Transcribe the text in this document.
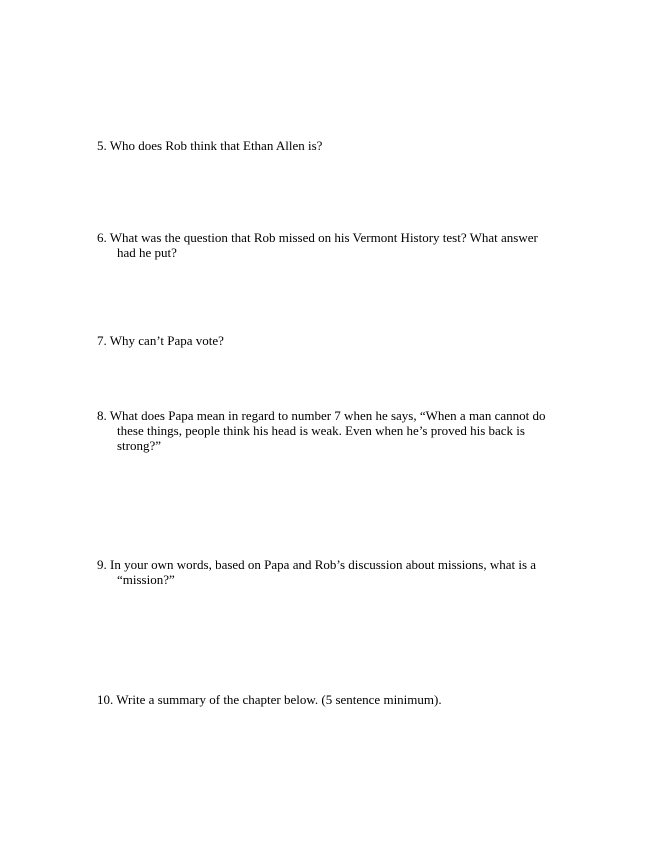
5. Who does Rob think that Ethan Allen is?
6. What was the question that Rob missed on his Vermont History test? What answer
had he put?
7. Why can’t Papa vote?
8. What does Papa mean in regard to number 7 when he says, “When a man cannot do
these things, people think his head is weak. Even when he’s proved his back is
strong?”
9. In your own words, based on Papa and Rob’s discussion about missions, what is a
“mission?”
10. Write a summary of the chapter below. (5 sentence minimum).
